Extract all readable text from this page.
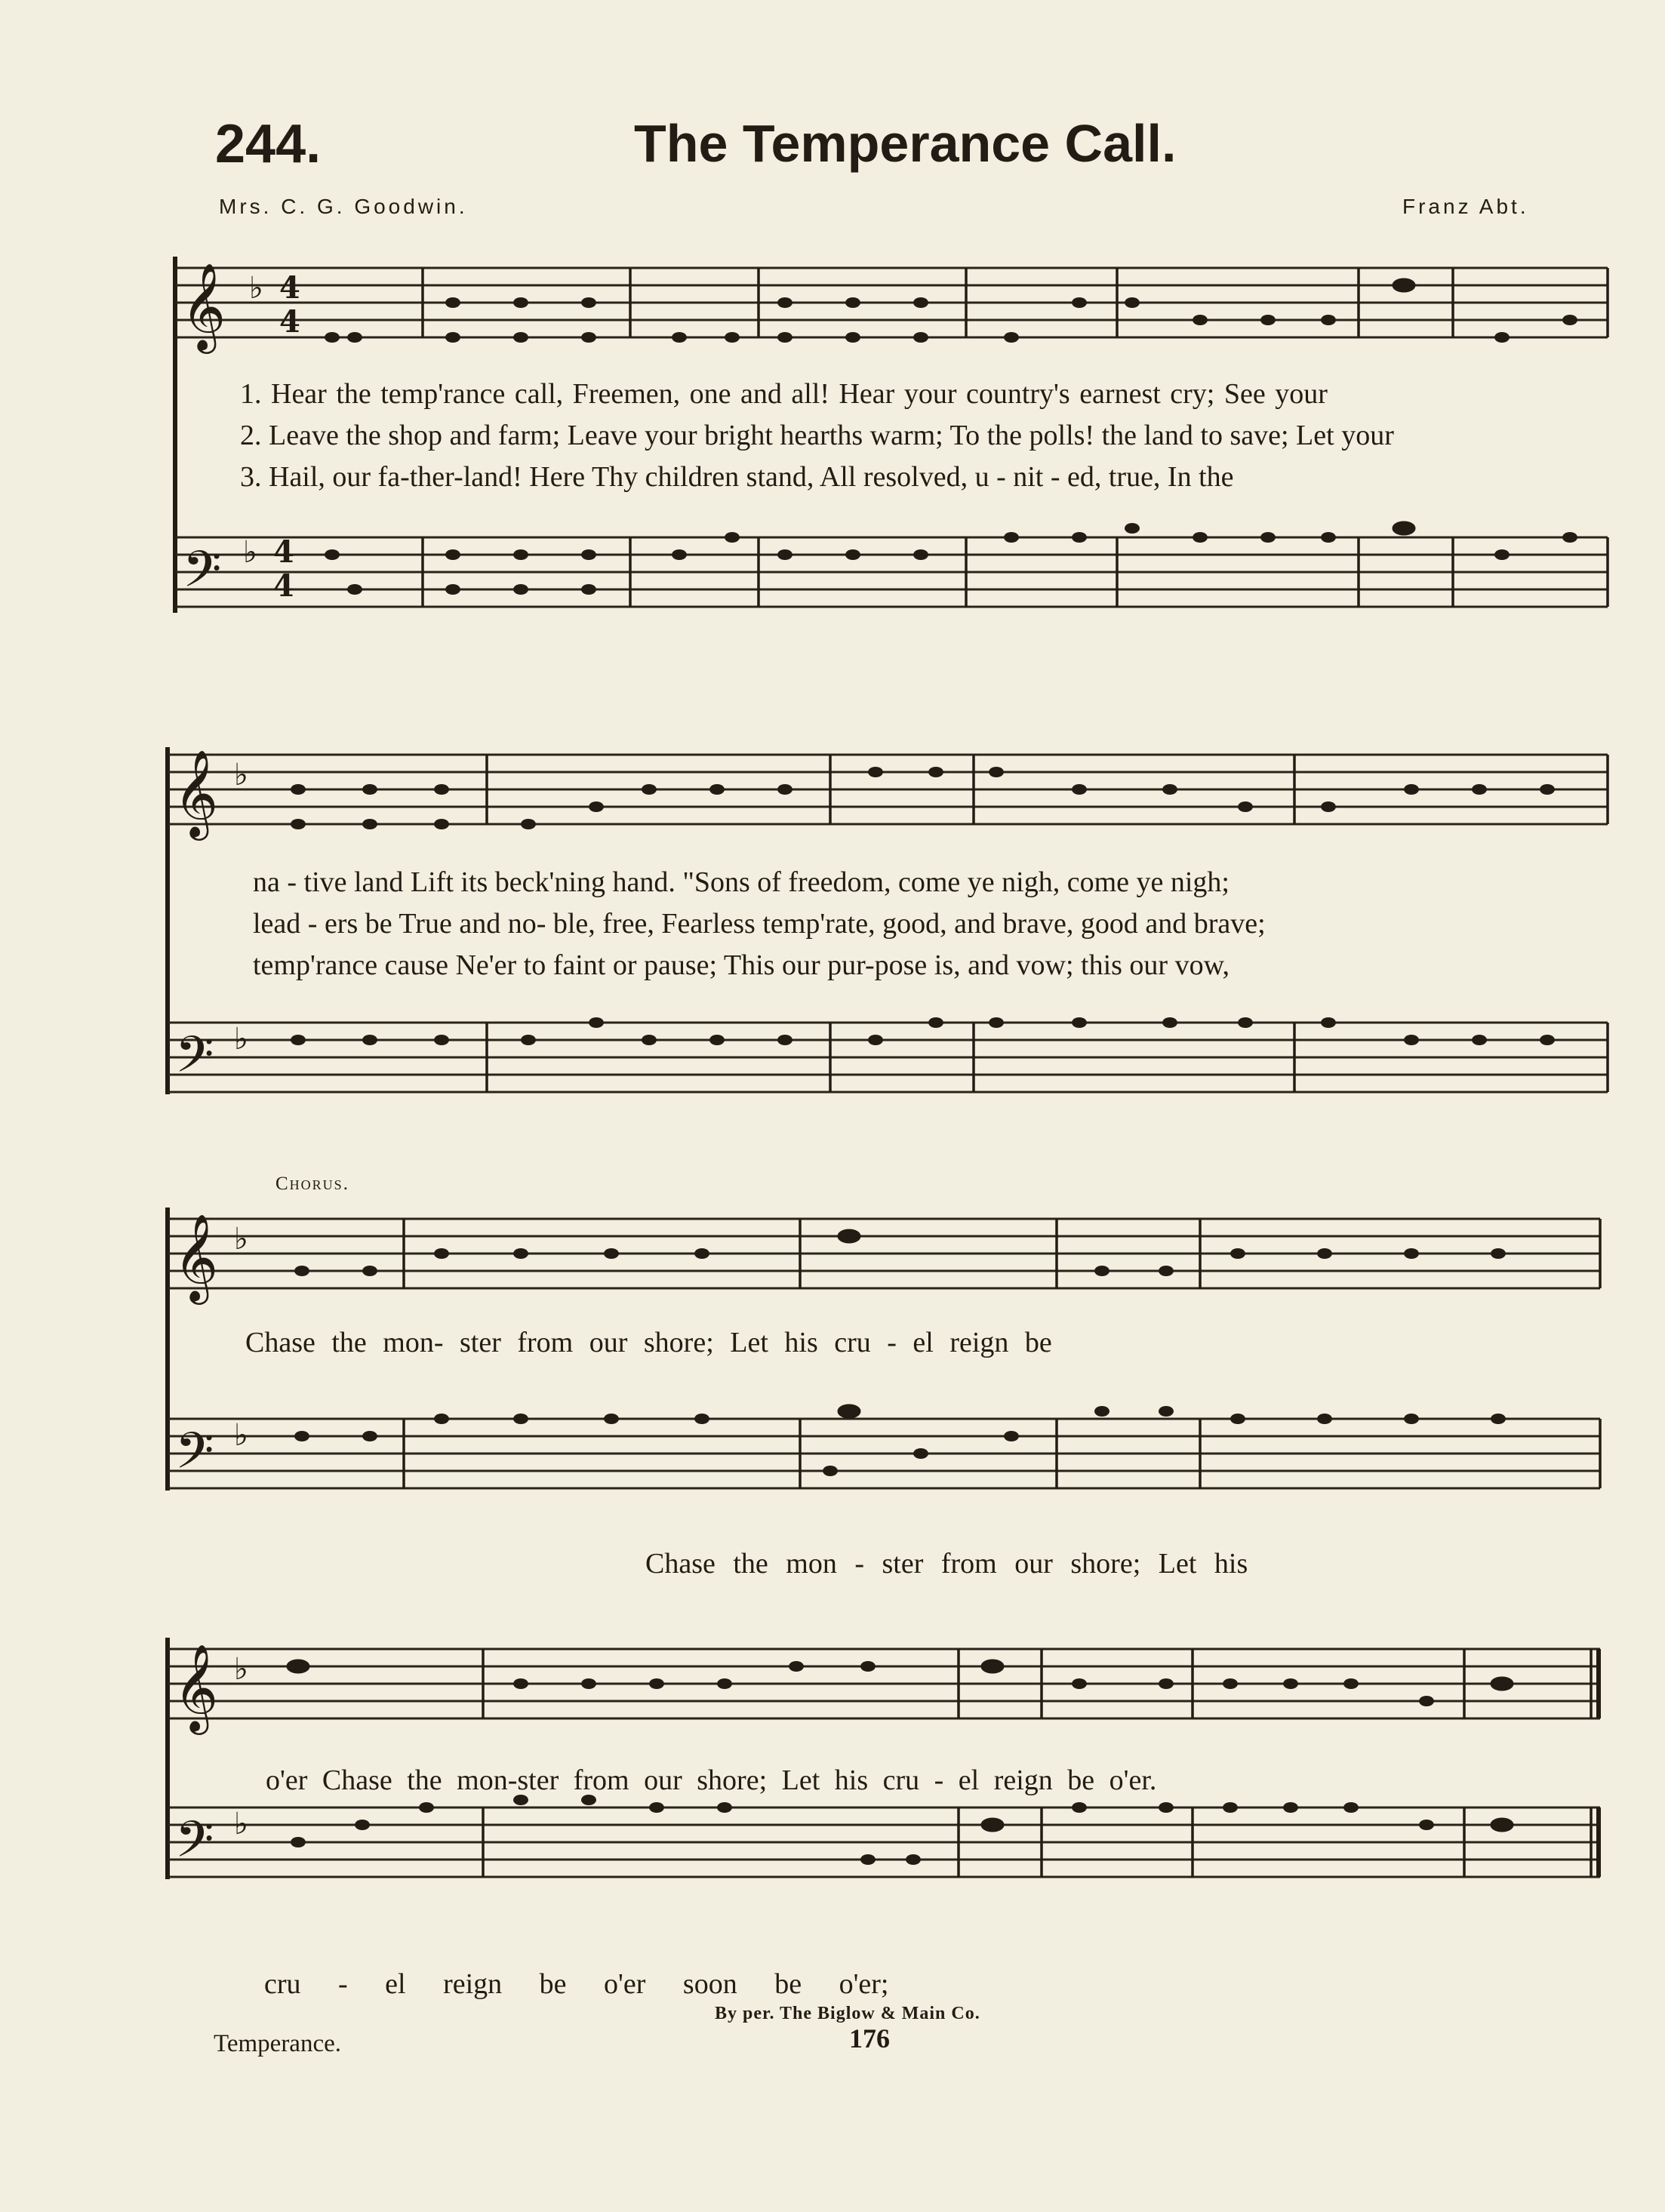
244.	The Temperance Call.
Mrs. C. G. Goodwin.	Franz Abt.
𝄞
𝄢
♭
♭
4
4
4
4
𝄞
𝄢
♭
♭
𝄞
𝄢
♭
♭
𝄞
𝄢
♭
♭
1. Hear the temp'rance call, Freemen, one and all! Hear your country's earnest cry; See your
2. Leave the shop and farm; Leave your bright hearths warm; To the polls! the land to save; Let your
3. Hail, our fa-ther-land! Here Thy children stand, All resolved, u - nit - ed, true, In the
na - tive land Lift its beck'ning hand. "Sons of freedom, come ye nigh, come ye nigh;
lead - ers be True and no- ble, free, Fearless temp'rate, good, and brave, good and brave;
temp'rance cause Ne'er to faint or pause; This our pur-pose is, and vow; this our vow,
Chorus.
Chase the mon- ster from our shore; Let his cru - el reign be
Chase the mon - ster from our shore; Let his
o'er Chase the mon-ster from our shore; Let his cru - el reign be o'er.
cru - el reign be o'er soon be o'er;
By per. The Biglow & Main Co.
Temperance.	176
